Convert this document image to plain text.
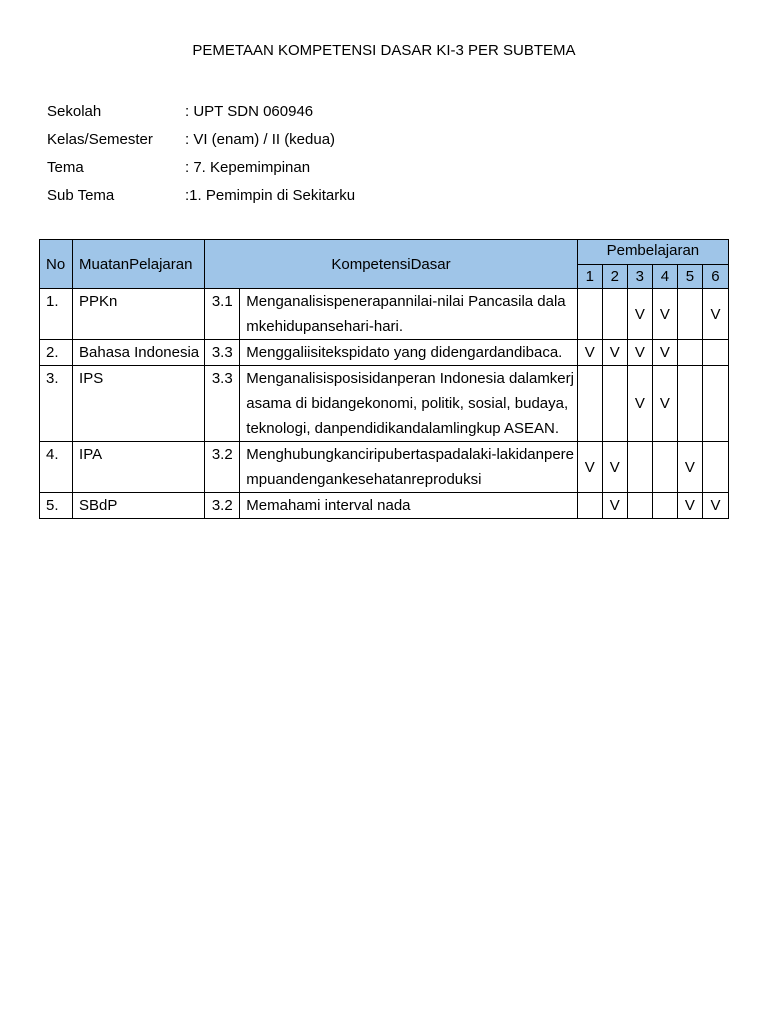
PEMETAAN KOMPETENSI DASAR KI-3 PER SUBTEMA
Sekolah	: UPT SDN 060946
Kelas/Semester	: VI (enam) / II (kedua)
Tema	: 7. Kepemimpinan
Sub Tema	:1. Pemimpin di Sekitarku
No	MuatanPelajaran	KompetensiDasar		Pembelajaran					
				1	2	3	4	5	6
1.	PPKn	3.1	Menganalisispenerapannilai-nilai Pancasila dalamkehidupansehari-hari.			V	V		V
2.	Bahasa Indonesia	3.3	Menggaliisitekspidato yang didengardandibaca.	V	V	V	V		
3.	IPS	3.3	Menganalisisposisidanperan Indonesia dalamkerjasama di bidangekonomi, politik, sosial, budaya, teknologi, danpendidikandalamlingkup ASEAN.			V	V		
4.	IPA	3.2	Menghubungkanciripubertaspadalaki-lakidanperempuandengankesehatanreproduksi	V	V			V	
5.	SBdP	3.2	Memahami interval nada		V			V	V
